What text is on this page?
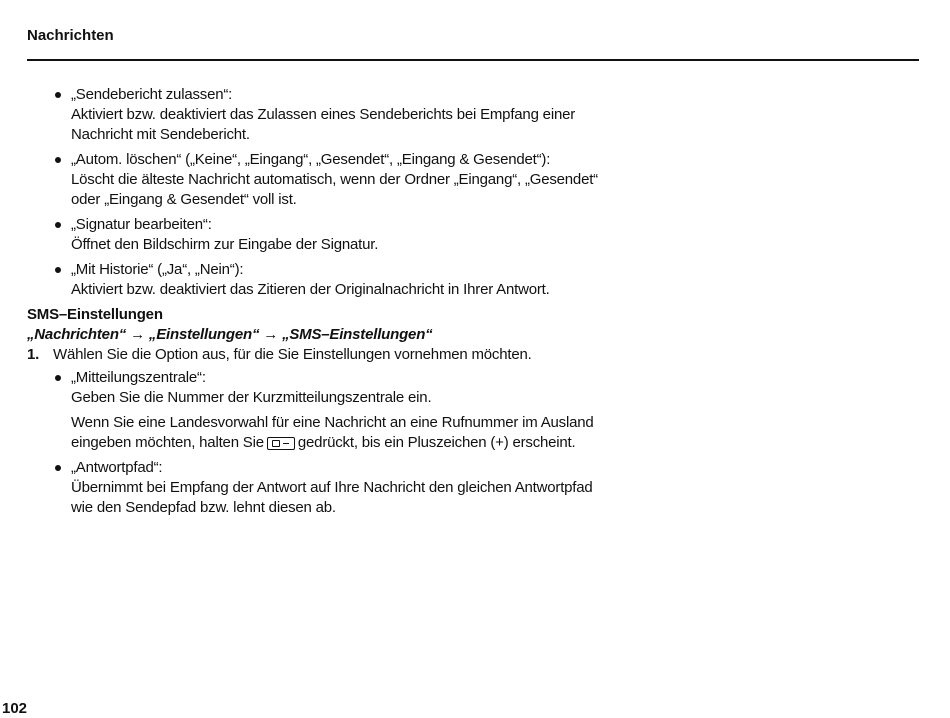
Nachrichten
„Sendebericht zulassen“:
Aktiviert bzw. deaktiviert das Zulassen eines Sendeberichts bei Empfang einer
Nachricht mit Sendebericht.
„Autom. löschen“ („Keine“, „Eingang“, „Gesendet“, „Eingang & Gesendet“):
Löscht die älteste Nachricht automatisch, wenn der Ordner „Eingang“, „Gesendet“
oder „Eingang & Gesendet“ voll ist.
„Signatur bearbeiten“:
Öffnet den Bildschirm zur Eingabe der Signatur.
„Mit Historie“ („Ja“, „Nein“):
Aktiviert bzw. deaktiviert das Zitieren der Originalnachricht in Ihrer Antwort.
SMS–Einstellungen
„Nachrichten“ → „Einstellungen“ → „SMS–Einstellungen“
1. Wählen Sie die Option aus, für die Sie Einstellungen vornehmen möchten.
„Mitteilungszentrale“:
Geben Sie die Nummer der Kurzmitteilungszentrale ein.
Wenn Sie eine Landesvorwahl für eine Nachricht an eine Rufnummer im Ausland
eingeben möchten, halten Sie gedrückt, bis ein Pluszeichen (+) erscheint.
„Antwortpfad“:
Übernimmt bei Empfang der Antwort auf Ihre Nachricht den gleichen Antwortpfad
wie den Sendepfad bzw. lehnt diesen ab.
102
